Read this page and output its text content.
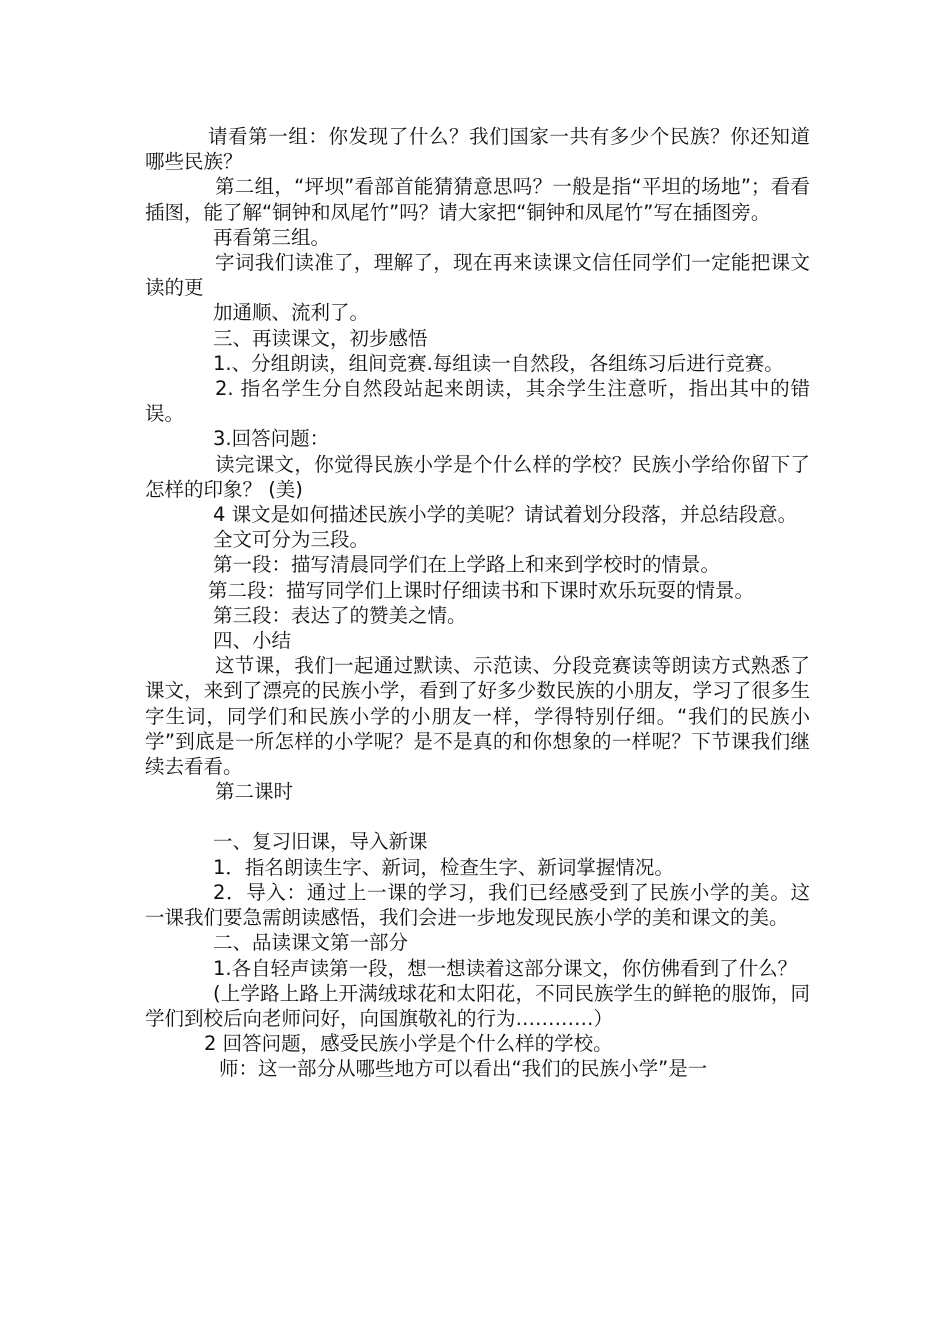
请看第一组：你发现了什么？我们国家一共有多少个民族？你还知道哪些民族？

第二组，“坪坝”看部首能猜猜意思吗？一般是指“平坦的场地”；看看插图，能了解“铜钟和凤尾竹”吗？请大家把“铜钟和凤尾竹”写在插图旁。

再看第三组。

字词我们读准了，理解了，现在再来读课文信任同学们一定能把课文读的更

加通顺、流利了。

三、再读课文，初步感悟

1.、分组朗读，组间竞赛.每组读一自然段，各组练习后进行竞赛。

2. 指名学生分自然段站起来朗读，其余学生注意听，指出其中的错误。

3.回答问题：

读完课文，你觉得民族小学是个什么样的学校？民族小学给你留下了怎样的印象？ (美)

4 课文是如何描述民族小学的美呢？请试着划分段落，并总结段意。

全文可分为三段。

第一段：描写清晨同学们在上学路上和来到学校时的情景。

第二段：描写同学们上课时仔细读书和下课时欢乐玩耍的情景。

第三段：表达了的赞美之情。

四、小结

这节课，我们一起通过默读、示范读、分段竞赛读等朗读方式熟悉了课文，来到了漂亮的民族小学，看到了好多少数民族的小朋友，学习了很多生字生词，同学们和民族小学的小朋友一样，学得特别仔细。“我们的民族小学”到底是一所怎样的小学呢？是不是真的和你想象的一样呢？下节课我们继续去看看。

第二课时

一、复习旧课，导入新课

1．指名朗读生字、新词，检查生字、新词掌握情况。

2．导入：通过上一课的学习，我们已经感受到了民族小学的美。这一课我们要急需朗读感悟，我们会进一步地发现民族小学的美和课文的美。

二、品读课文第一部分

1.各自轻声读第一段，想一想读着这部分课文，你仿佛看到了什么？

(上学路上路上开满绒球花和太阳花，不同民族学生的鲜艳的服饰，同学们到校后向老师问好，向国旗敬礼的行为…………）

2 回答问题，感受民族小学是个什么样的学校。

师：这一部分从哪些地方可以看出“我们的民族小学”是一
